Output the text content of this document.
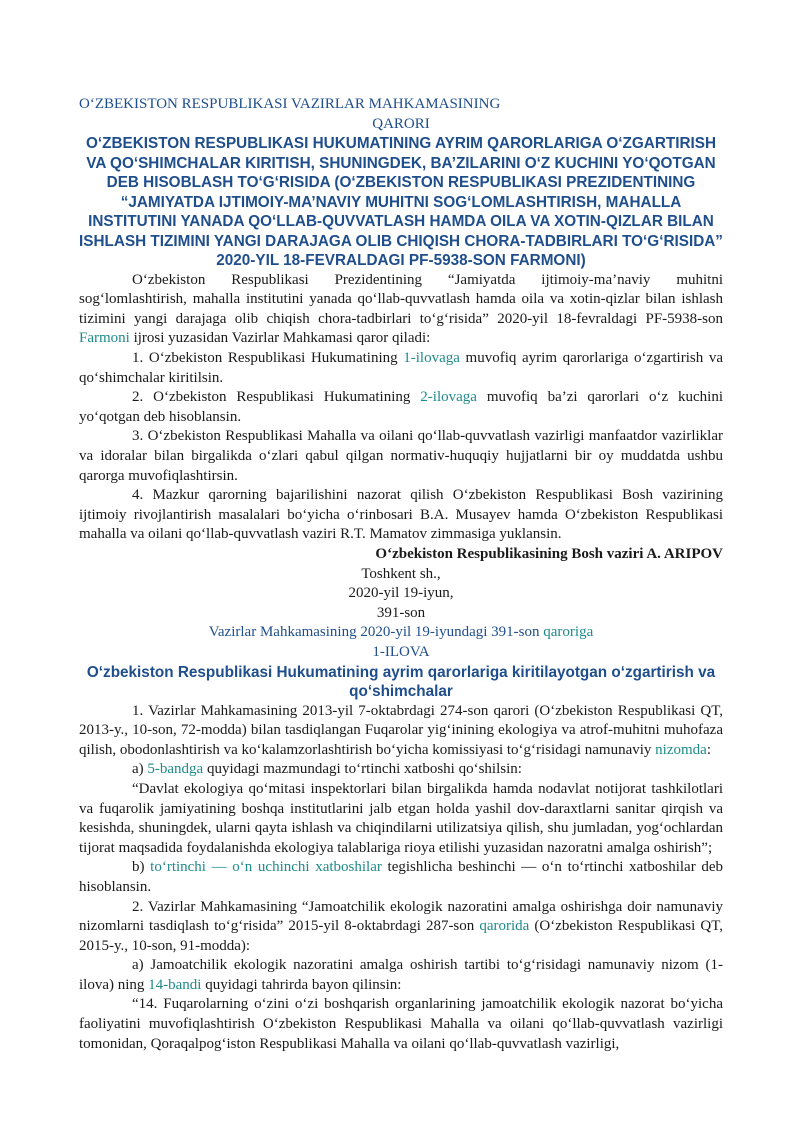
O‘ZBEKISTON RESPUBLIKASI VAZIRLAR MAHKAMASINING
QARORI
O‘ZBEKISTON RESPUBLIKASI HUKUMATINING AYRIM QARORLARIGA O‘ZGARTIRISH VA QO‘SHIMCHALAR KIRITISH, SHUNINGDEK, BA’ZILARINI O‘Z KUCHINI YO‘QOTGAN DEB HISOBLASH TO‘G‘RISIDA (O‘ZBEKISTON RESPUBLIKASI PREZIDENTINING “JAMIYATDA IJTIMOIY-MA’NAVIY MUHITNI SOG‘LOMLASHTIRISH, MAHALLA INSTITUTINI YANADA QO‘LLAB-QUVVATLASH HAMDA OILA VA XOTIN-QIZLAR BILAN ISHLASH TIZIMINI YANGI DARAJAGA OLIB CHIQISH CHORA-TADBIRLARI TO‘G‘RISIDA” 2020-YIL 18-FEVRALDAGI PF-5938-SON FARMONI)

O‘zbekiston Respublikasi Prezidentining “Jamiyatda ijtimoiy-ma’naviy muhitni sog‘lomlashtirish, mahalla institutini yanada qo‘llab-quvvatlash hamda oila va xotin-qizlar bilan ishlash tizimini yangi darajaga olib chiqish chora-tadbirlari to‘g‘risida” 2020-yil 18-fevraldagi PF-5938-son Farmoni ijrosi yuzasidan Vazirlar Mahkamasi qaror qiladi:

1. O‘zbekiston Respublikasi Hukumatining 1-ilovaga muvofiq ayrim qarorlariga o‘zgartirish va qo‘shimchalar kiritilsin.

2. O‘zbekiston Respublikasi Hukumatining 2-ilovaga muvofiq ba’zi qarorlari o‘z kuchini yo‘qotgan deb hisoblansin.

3. O‘zbekiston Respublikasi Mahalla va oilani qo‘llab-quvvatlash vazirligi manfaatdor vazirliklar va idoralar bilan birgalikda o‘zlari qabul qilgan normativ-huquqiy hujjatlarni bir oy muddatda ushbu qarorga muvofiqlashtirsin.

4. Mazkur qarorning bajarilishini nazorat qilish O‘zbekiston Respublikasi Bosh vazirining ijtimoiy rivojlantirish masalalari bo‘yicha o‘rinbosari B.A. Musayev hamda O‘zbekiston Respublikasi mahalla va oilani qo‘llab-quvvatlash vaziri R.T. Mamatov zimmasiga yuklansin.

O‘zbekiston Respublikasining Bosh vaziri A. ARIPOV
Toshkent sh.,
2020-yil 19-iyun,
391-son
Vazirlar Mahkamasining 2020-yil 19-iyundagi 391-son qaroriga
1-ILOVA
O‘zbekiston Respublikasi Hukumatining ayrim qarorlariga kiritilayotgan o‘zgartirish va qo‘shimchalar

1. Vazirlar Mahkamasining 2013-yil 7-oktabrdagi 274-son qarori (O‘zbekiston Respublikasi QT, 2013-y., 10-son, 72-modda) bilan tasdiqlangan Fuqarolar yig‘inining ekologiya va atrof-muhitni muhofaza qilish, obodonlashtirish va ko‘kalamzorlashtirish bo‘yicha komissiyasi to‘g‘risidagi namunaviy nizomda:

a) 5-bandga quyidagi mazmundagi to‘rtinchi xatboshi qo‘shilsin:

“Davlat ekologiya qo‘mitasi inspektorlari bilan birgalikda hamda nodavlat notijorat tashkilotlari va fuqarolik jamiyatining boshqa institutlarini jalb etgan holda yashil dov-daraxtlarni sanitar qirqish va kesishda, shuningdek, ularni qayta ishlash va chiqindilarni utilizatsiya qilish, shu jumladan, yog‘ochlardan tijorat maqsadida foydalanishda ekologiya talablariga rioya etilishi yuzasidan nazoratni amalga oshirish”;

b) to‘rtinchi — o‘n uchinchi xatboshilar tegishlicha beshinchi — o‘n to‘rtinchi xatboshilar deb hisoblansin.

2. Vazirlar Mahkamasining “Jamoatchilik ekologik nazoratini amalga oshirishga doir namunaviy nizomlarni tasdiqlash to‘g‘risida” 2015-yil 8-oktabrdagi 287-son qarorida (O‘zbekiston Respublikasi QT, 2015-y., 10-son, 91-modda):

a) Jamoatchilik ekologik nazoratini amalga oshirish tartibi to‘g‘risidagi namunaviy nizom (1-ilova) ning 14-bandi quyidagi tahrirda bayon qilinsin:

“14. Fuqarolarning o‘zini o‘zi boshqarish organlarining jamoatchilik ekologik nazorat bo‘yicha faoliyatini muvofiqlashtirish O‘zbekiston Respublikasi Mahalla va oilani qo‘llab-quvvatlash vazirligi tomonidan, Qoraqalpog‘iston Respublikasi Mahalla va oilani qo‘llab-quvvatlash vazirligi,
